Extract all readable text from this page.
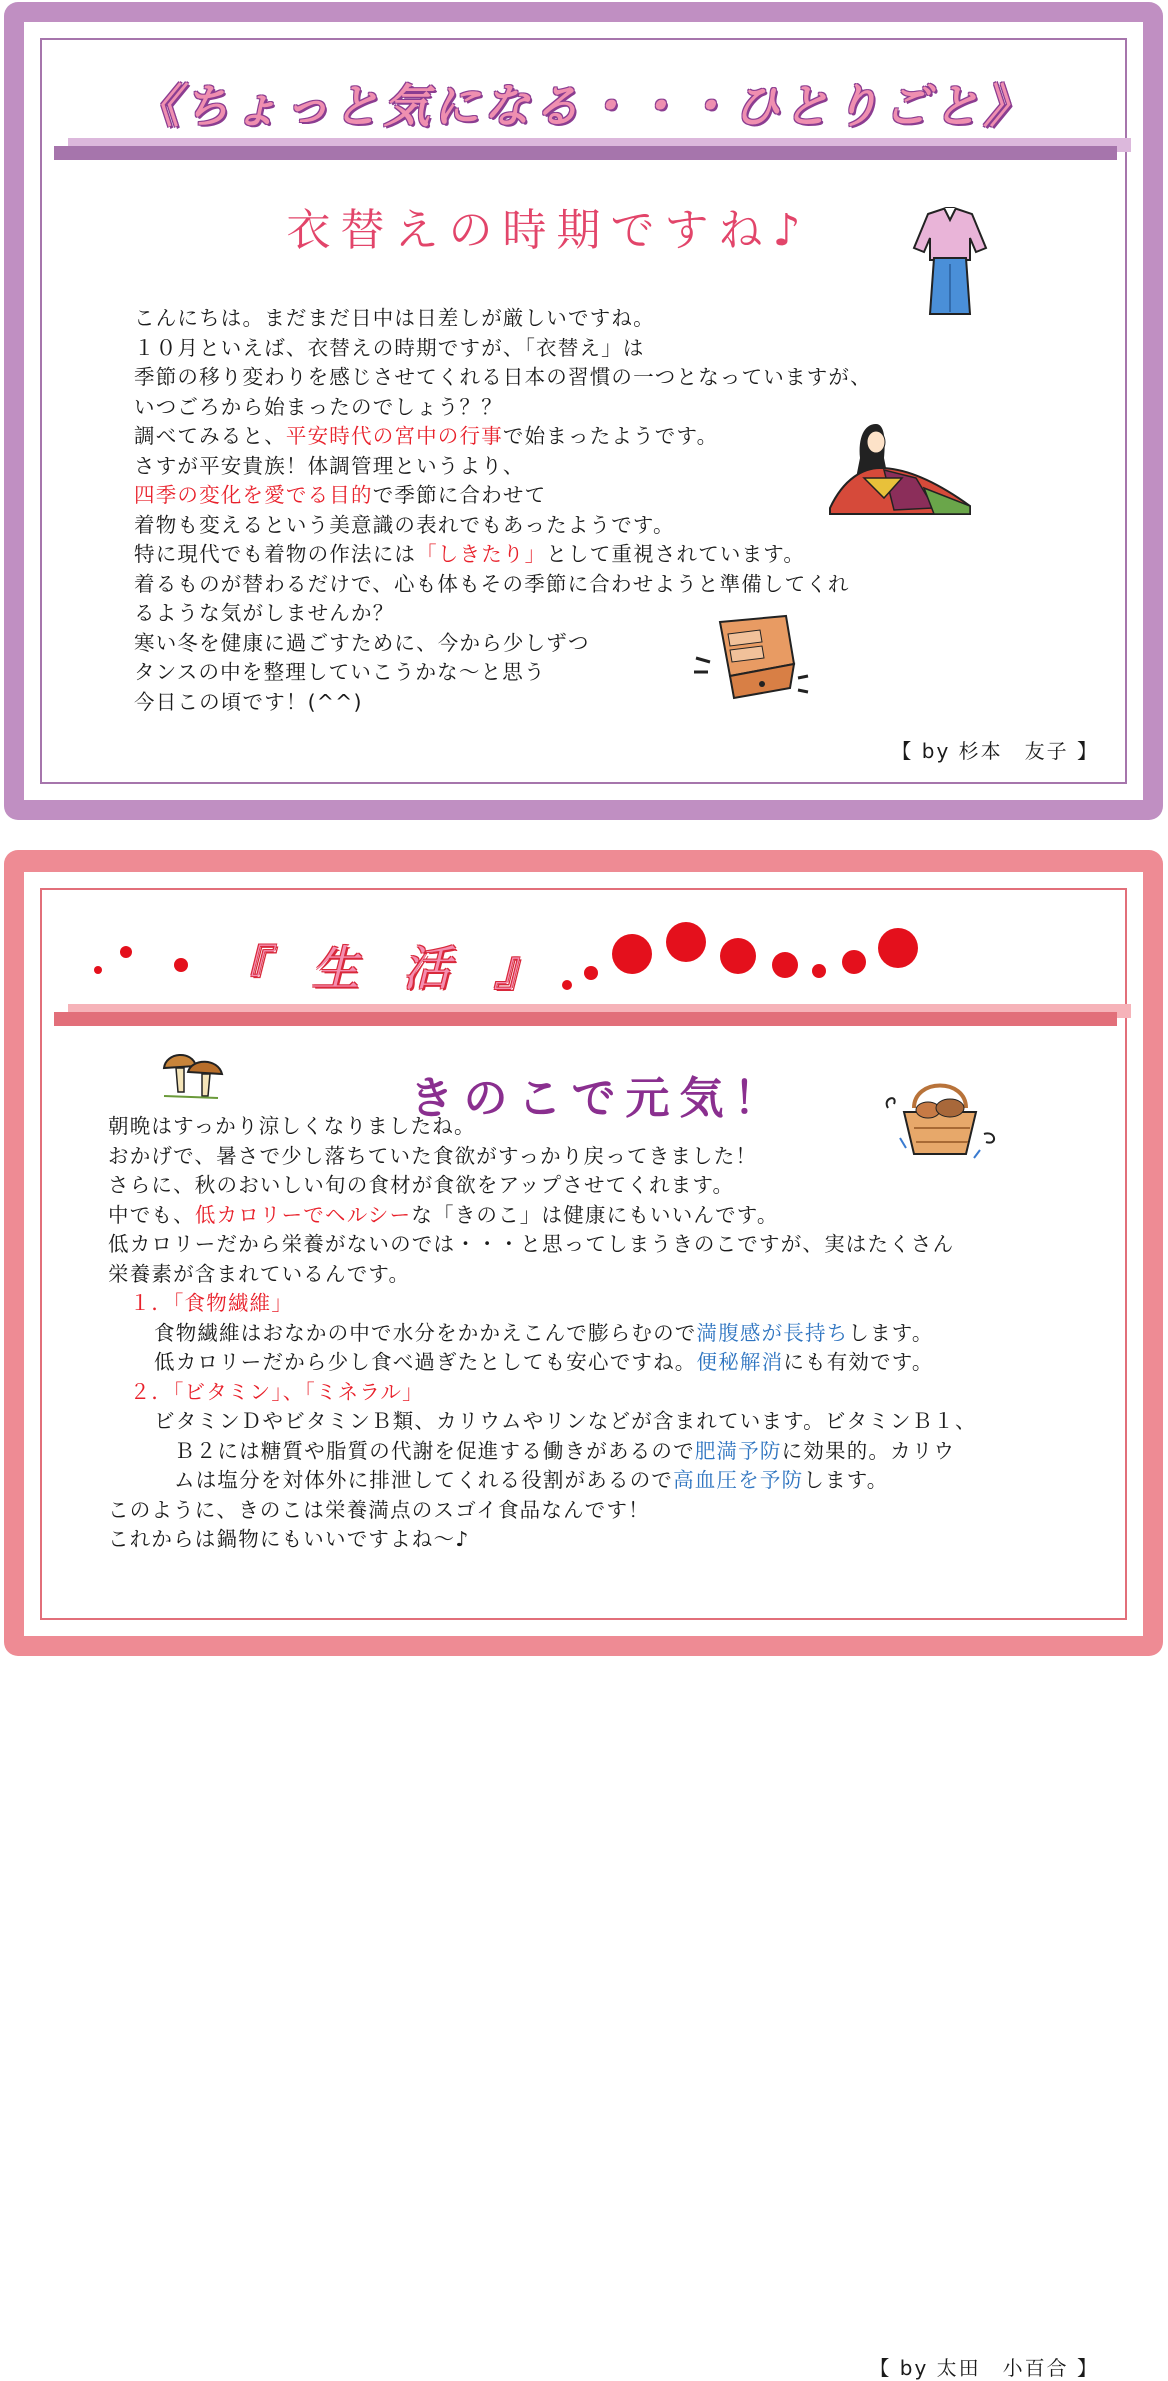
《ちょっと気になる・・・ひとりごと》
衣替えの時期ですね♪
こんにちは。まだまだ日中は日差しが厳しいですね。
１０月といえば、衣替えの時期ですが、「衣替え」は
季節の移り変わりを感じさせてくれる日本の習慣の一つとなっていますが、
いつごろから始まったのでしょう？？
調べてみると、平安時代の宮中の行事で始まったようです。
さすが平安貴族！体調管理というより、
四季の変化を愛でる目的で季節に合わせて
着物も変えるという美意識の表れでもあったようです。
特に現代でも着物の作法には「しきたり」として重視されています。
着るものが替わるだけで、心も体もその季節に合わせようと準備してくれ
るような気がしませんか？
寒い冬を健康に過ごすために、今から少しずつ
タンスの中を整理していこうかな～と思う
今日この頃です！(^^)
【 by 杉本　友子 】
『 生 活 』
きのこで元気！
朝晩はすっかり涼しくなりましたね。
おかげで、暑さで少し落ちていた食欲がすっかり戻ってきました！
さらに、秋のおいしい旬の食材が食欲をアップさせてくれます。
中でも、低カロリーでヘルシーな「きのこ」は健康にもいいんです。
低カロリーだから栄養がないのでは・・・と思ってしまうきのこですが、実はたくさん
栄養素が含まれているんです。
　１．「食物繊維」
食物繊維はおなかの中で水分をかかえこんで膨らむので満腹感が長持ちします。
低カロリーだから少し食べ過ぎたとしても安心ですね。便秘解消にも有効です。
　２．「ビタミン」、「ミネラル」
ビタミンＤやビタミンＢ類、カリウムやリンなどが含まれています。ビタミンＢ１、
Ｂ２には糖質や脂質の代謝を促進する働きがあるので肥満予防に効果的。カリウ
ムは塩分を対体外に排泄してくれる役割があるので高血圧を予防します。
このように、きのこは栄養満点のスゴイ食品なんです！
これからは鍋物にもいいですよね～♪
【 by 太田　小百合 】
